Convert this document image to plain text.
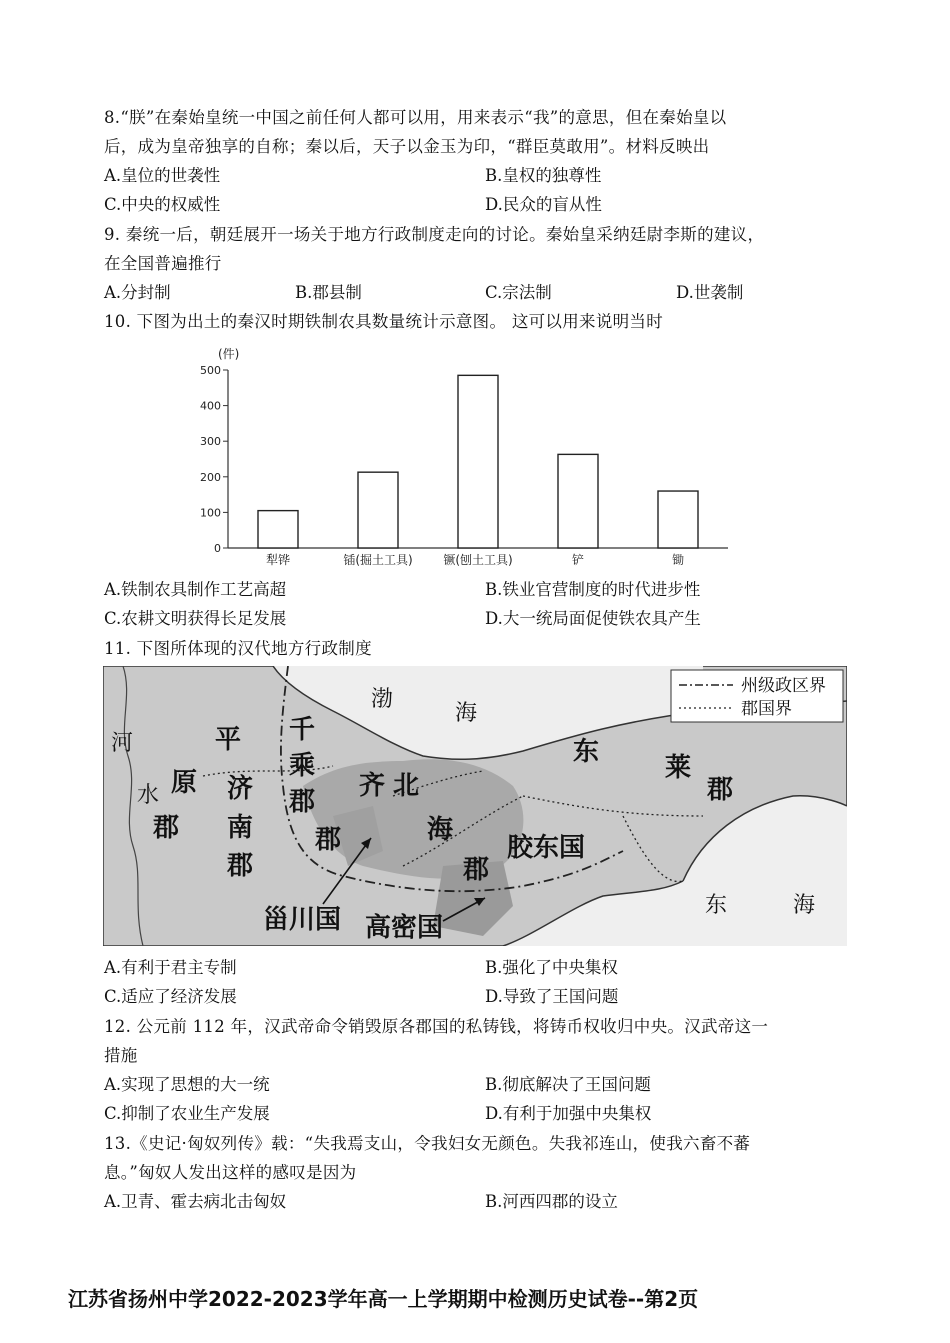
8.“朕”在秦始皇统一中国之前任何人都可以用，用来表示“我”的意思，但在秦始皇以
后，成为皇帝独享的自称；秦以后，天子以金玉为印，“群臣莫敢用”。材料反映出
A.皇位的世袭性	B.皇权的独尊性
C.中央的权威性	D.民众的盲从性
9. 秦统一后，朝廷展开一场关于地方行政制度走向的讨论。秦始皇采纳廷尉李斯的建议，
在全国普遍推行
A.分封制	B.郡县制	C.宗法制	D.世袭制
10. 下图为出土的秦汉时期铁制农具数量统计示意图。 这可以用来说明当时
(件)
0
100
200
300
400
500
犁铧	锸(掘土工具)	镢(刨土工具)	铲	锄
A.铁制农具制作工艺高超	B.铁业官营制度的时代进步性
C.农耕文明获得长足发展	D.大一统局面促使铁农具产生
11. 下图所体现的汉代地方行政制度
州级政区界
郡国界
渤
海
东	海
河
水
平
原
郡
济
南
郡
千
乘
郡
齐
郡
北
海
郡
东
莱
郡
胶东国
甾川国 高密国
A.有利于君主专制	B.强化了中央集权
C.适应了经济发展	D.导致了王国问题
12. 公元前 112 年，汉武帝命令销毁原各郡国的私铸钱，将铸币权收归中央。汉武帝这一
措施
A.实现了思想的大一统	B.彻底解决了王国问题
C.抑制了农业生产发展	D.有利于加强中央集权
13.《史记·匈奴列传》载：“失我焉支山，令我妇女无颜色。失我祁连山，使我六畜不蕃
息。”匈奴人发出这样的感叹是因为
A.卫青、霍去病北击匈奴	B.河西四郡的设立
江苏省扬州中学2022-2023学年高一上学期期中检测历史试卷--第2页
